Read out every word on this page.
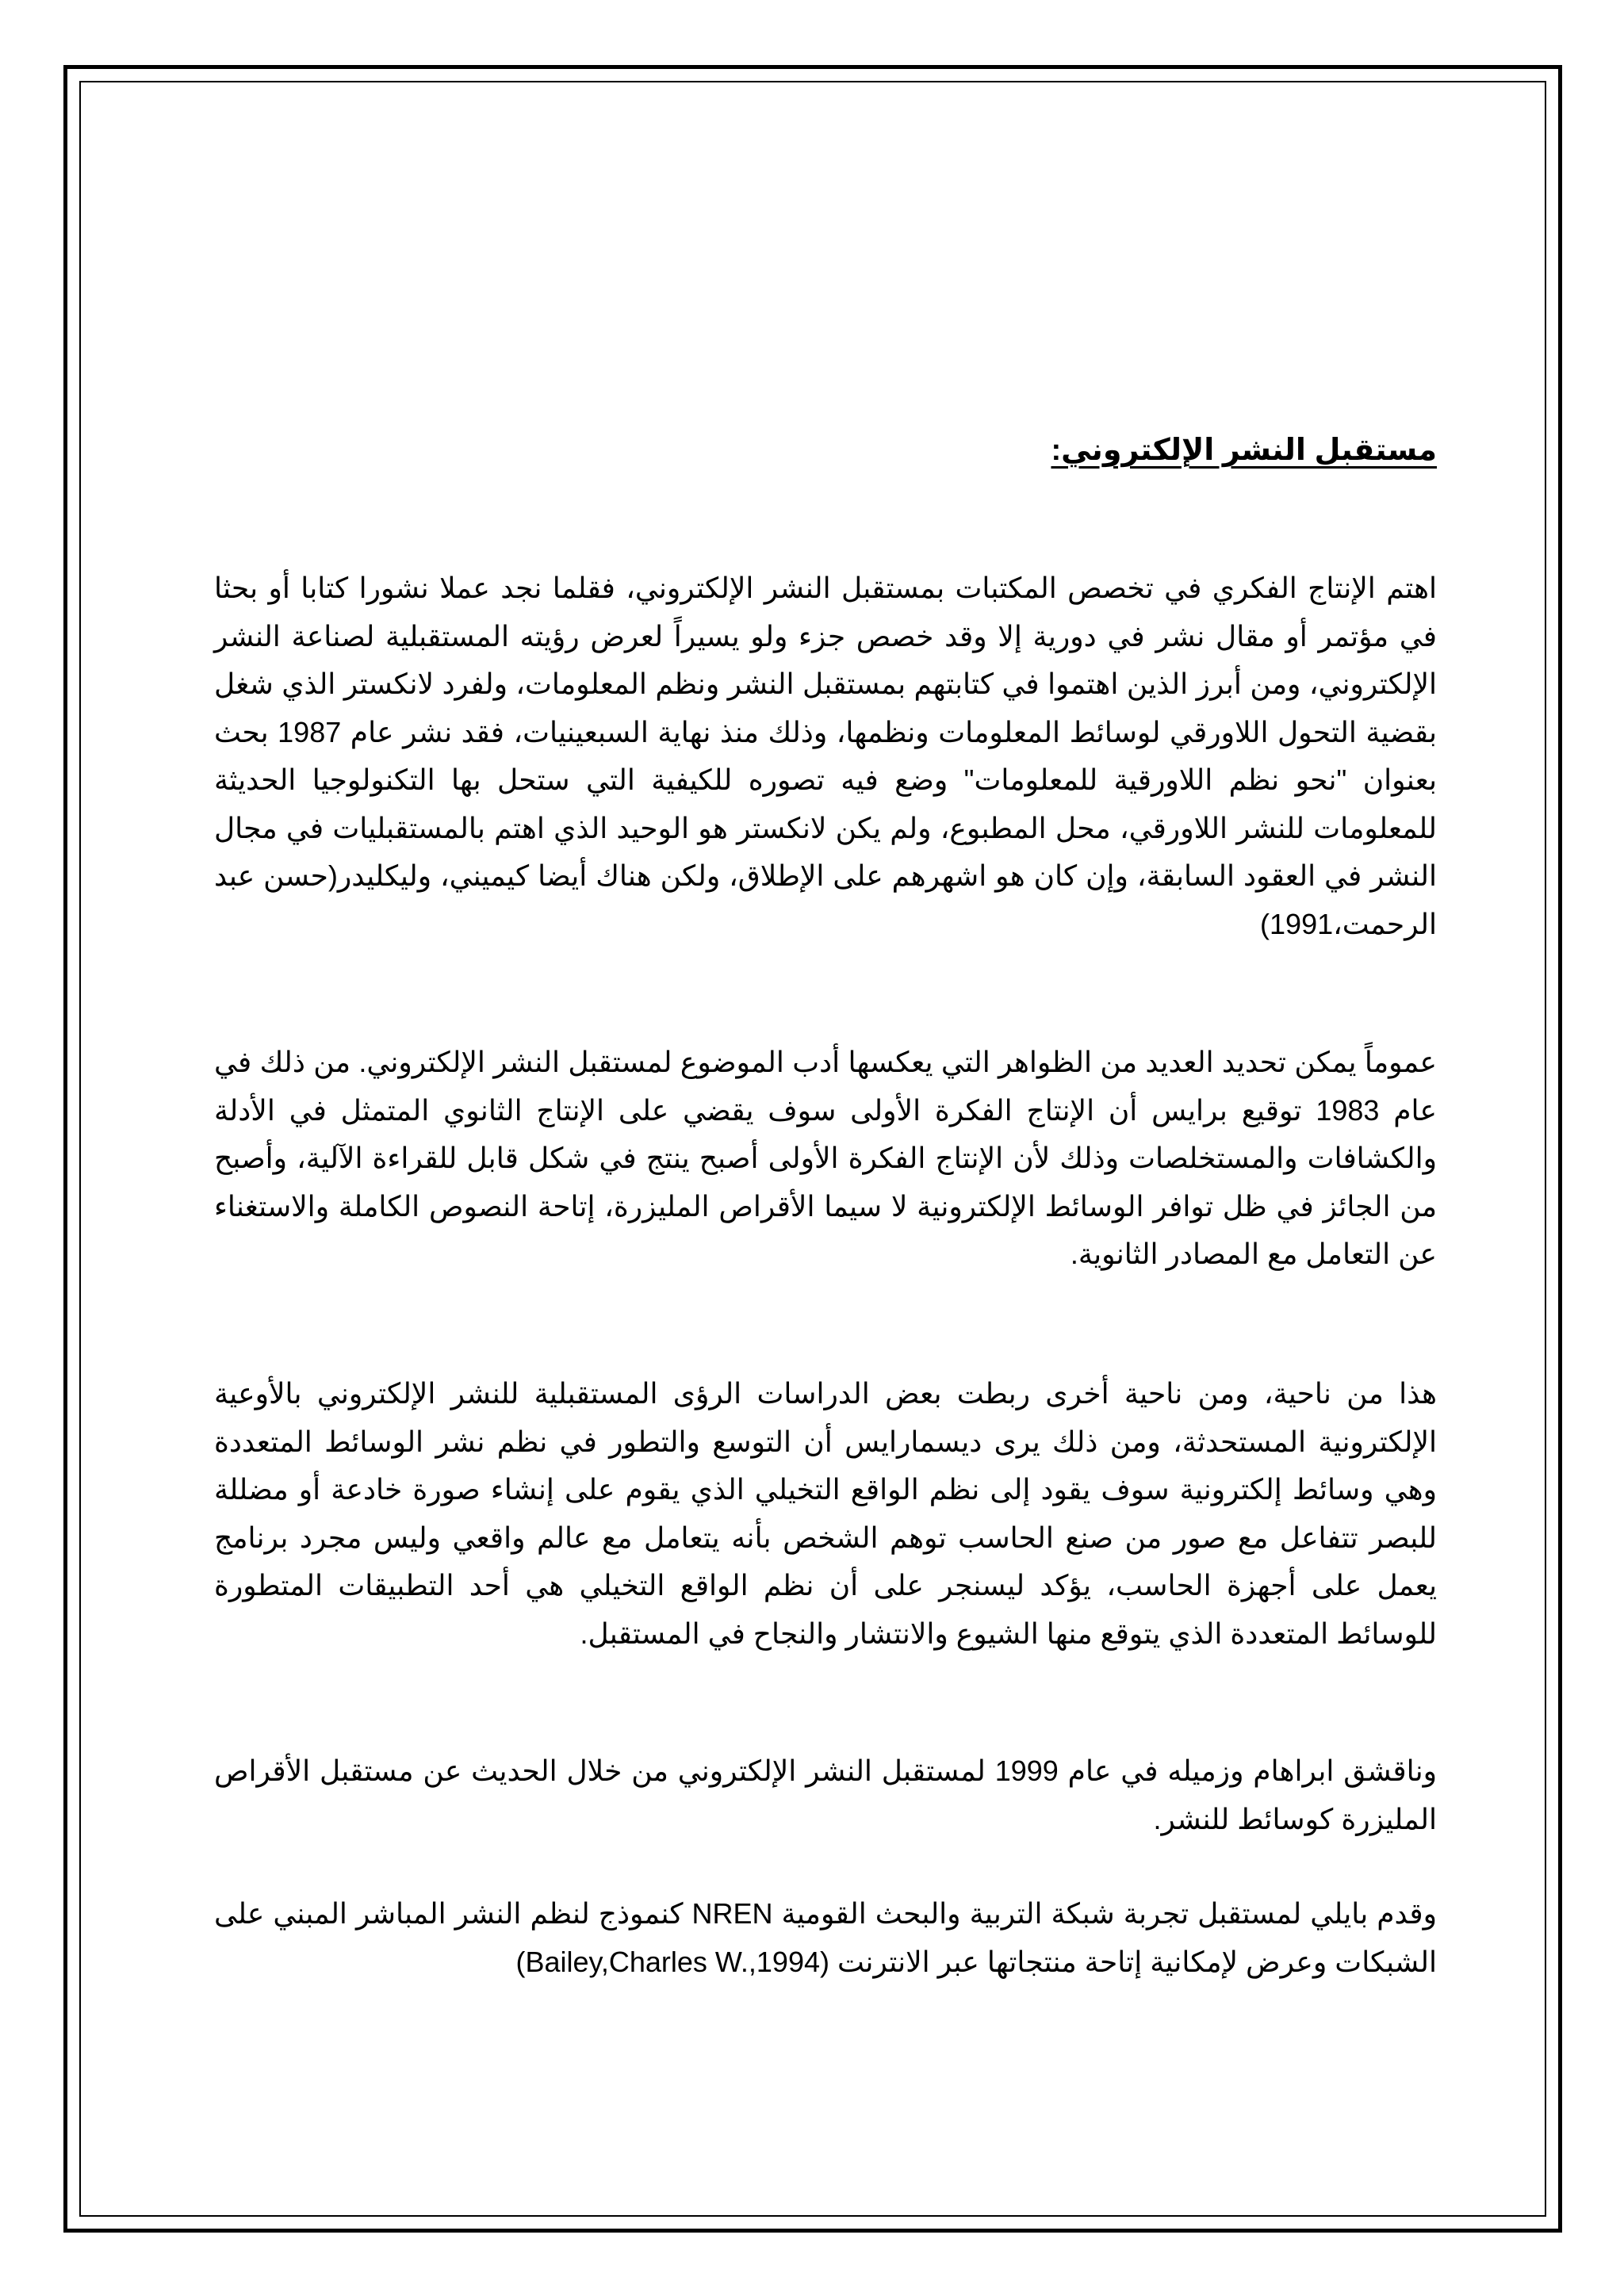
مستقبل النشر الإلكتروني:

اهتم الإنتاج الفكري في تخصص المكتبات بمستقبل النشر الإلكتروني، فقلما نجد عملا نشورا كتابا أو بحثا في مؤتمر أو مقال نشر في دورية إلا وقد خصص جزء ولو يسيراً لعرض رؤيته المستقبلية لصناعة النشر الإلكتروني، ومن أبرز الذين اهتموا في كتابتهم بمستقبل النشر ونظم المعلومات، ولفرد لانكستر الذي شغل بقضية التحول اللاورقي لوسائط المعلومات ونظمها، وذلك منذ نهاية السبعينيات، فقد نشر عام 1987 بحث بعنوان "نحو نظم اللاورقية للمعلومات" وضع فيه تصوره للكيفية التي ستحل بها التكنولوجيا الحديثة للمعلومات للنشر اللاورقي، محل المطبوع، ولم يكن لانكستر هو الوحيد الذي اهتم بالمستقبليات في مجال النشر في العقود السابقة، وإن كان هو اشهرهم على الإطلاق، ولكن هناك أيضا كيميني، وليكليدر(حسن عبد الرحمت،1991)

عموماً يمكن تحديد العديد من الظواهر التي يعكسها أدب الموضوع لمستقبل النشر الإلكتروني. من ذلك في عام 1983 توقيع برايس أن الإنتاج الفكرة الأولى سوف يقضي على الإنتاج الثانوي المتمثل في الأدلة والكشافات والمستخلصات وذلك لأن الإنتاج الفكرة الأولى أصبح ينتج في شكل قابل للقراءة الآلية، وأصبح من الجائز في ظل توافر الوسائط الإلكترونية لا سيما الأقراص المليزرة، إتاحة النصوص الكاملة والاستغناء عن التعامل مع المصادر الثانوية.

هذا من ناحية، ومن ناحية أخرى ربطت بعض الدراسات الرؤى المستقبلية للنشر الإلكتروني بالأوعية الإلكترونية المستحدثة، ومن ذلك يرى ديسمارايس أن التوسع والتطور في نظم نشر الوسائط المتعددة وهي وسائط إلكترونية سوف يقود إلى نظم الواقع التخيلي الذي يقوم على إنشاء صورة خادعة أو مضللة للبصر تتفاعل مع صور من صنع الحاسب توهم الشخص بأنه يتعامل مع عالم واقعي وليس مجرد برنامج يعمل على أجهزة الحاسب، يؤكد ليسنجر على أن نظم الواقع التخيلي هي أحد التطبيقات المتطورة للوسائط المتعددة الذي يتوقع منها الشيوع والانتشار والنجاح في المستقبل.

وناقشق ابراهام وزميله في عام 1999 لمستقبل النشر الإلكتروني من خلال الحديث عن مستقبل الأقراص المليزرة كوسائط للنشر.

وقدم بايلي لمستقبل تجربة شبكة التربية والبحث القومية NREN كنموذج لنظم النشر المباشر المبني على الشبكات وعرض لإمكانية إتاحة منتجاتها عبر الانترنت (Bailey,Charles W.,1994)
